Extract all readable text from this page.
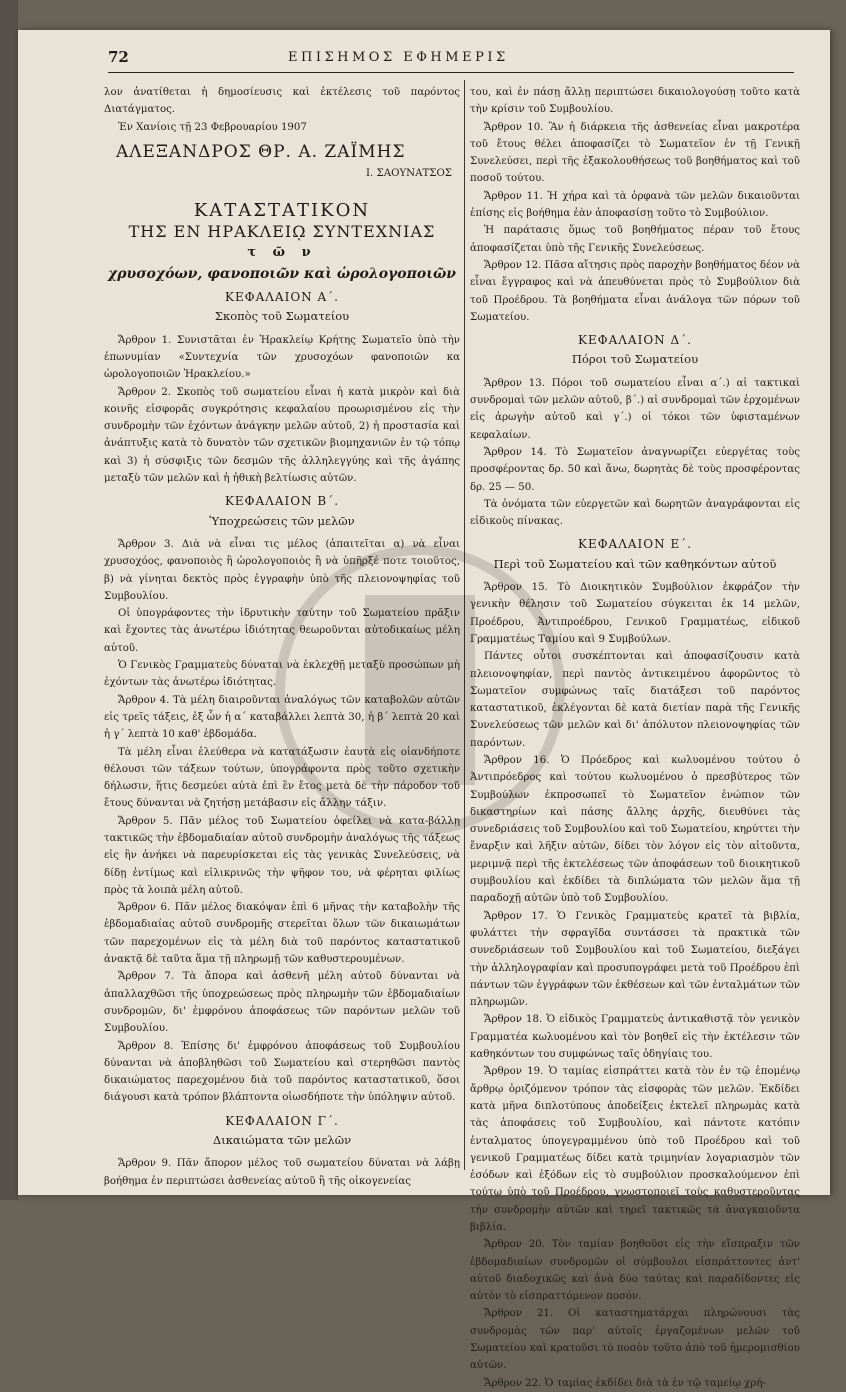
72	ΕΠΙΣΗΜΟΣ ΕΦΗΜΕΡΙΣ

λον ἀνατίθεται ἡ δημοσίευσις καὶ ἐκτέλεσις τοῦ παρόντος Διατάγματος.

Ἐν Χανίοις τῇ 23 Φεβρουαρίου 1907

ΑΛΕΞΑΝΔΡΟΣ ΘΡ. Α. ΖΑΪΜΗΣ
Ι. ΣΑΟΥΝΑΤΣΟΣ
ΚΑΤΑΣΤΑΤΙΚΟΝ
ΤΗΣ ΕΝ ΗΡΑΚΛΕΙῼ ΣΥΝΤΕΧΝΙΑΣ
τ ῶ ν
χρυσοχόων, φανοποιῶν καὶ ὡρολογοποιῶν
ΚΕΦΑΛΑΙΟΝ Α΄.
Σκοπὸς τοῦ Σωματείου

Ἄρθρον 1. Συνιστᾶται ἐν Ἡρακλείῳ Κρήτης Σωματεῖο ὑπὸ τὴν ἐπωνυμίαν «Συντεχνία τῶν χρυσοχόων φανοποιῶν κα ὡρολογοποιῶν Ἡρακλείου.»

Ἄρθρον 2. Σκοπὸς τοῦ σωματείου εἶναι ἡ κατὰ μικρὸν καὶ διὰ κοινῆς εἰσφορᾶς συγκρότησις κεφαλαίου προωρισμένου εἰς τὴν συνδρομὴν τῶν ἐχόντων ἀνάγκην μελῶν αὐτοῦ, 2) ἡ προστασία καὶ ἀνάπτυξις κατὰ τὸ δυνατὸν τῶν σχετικῶν βιομηχανιῶν ἐν τῷ τόπῳ καὶ 3) ἡ σύσφιξις τῶν δεσμῶν τῆς ἀλληλεγγύης καὶ τῆς ἀγάπης μεταξὺ τῶν μελῶν καὶ ἡ ἠθικὴ βελτίωσις αὐτῶν.

ΚΕΦΑΛΑΙΟΝ Β΄.
Ὑποχρεώσεις τῶν μελῶν

Ἄρθρον 3. Διὰ νὰ εἶναι τις μέλος (ἀπαιτεῖται α) νὰ εἶναι χρυσοχόος, φανοποιὸς ἢ ὡρολογοποιὸς ἢ νὰ ὑπῆρξέ ποτε τοιοῦτος, β) νὰ γίνηται δεκτὸς πρὸς ἐγγραφὴν ὑπὸ τῆς πλειονοψηφίας τοῦ Συμβουλίου.

Οἱ ὑπογράφοντες τὴν ἱδρυτικὴν ταύτην τοῦ Σωματείου πρᾶξιν καὶ ἔχοντες τὰς ἀνωτέρω ἰδιότητας θεωροῦνται αὐτοδικαίως μέλη αὐτοῦ.

Ὁ Γενικὸς Γραμματεὺς δύναται νὰ ἐκλεχθῇ μεταξὺ προσώπων μὴ ἐχόντων τὰς ἀνωτέρω ἰδιότητας.

Ἄρθρον 4. Τὰ μέλη διαιροῦνται ἀναλόγως τῶν καταβολῶν αὐτῶν εἰς τρεῖς τάξεις, ἐξ ὧν ἡ α΄ καταβάλλει λεπτὰ 30, ἡ β΄ λεπτὰ 20 καὶ ἡ γ΄ λεπτὰ 10 καθ' ἑβδομάδα.

Τὰ μέλη εἶναι ἐλεύθερα νὰ κατατάξωσιν ἑαυτὰ εἰς οἱανδήποτε θέλουσι τῶν τάξεων τούτων, ὑπογράφοντα πρὸς τοῦτο σχετικὴν δήλωσιν, ἥτις δεσμεύει αὐτὰ ἐπὶ ἓν ἔτος μετὰ δὲ τὴν πάροδον τοῦ ἔτους δύνανται νὰ ζητήσῃ μετάβασιν εἰς ἄλλην τάξιν.

Ἄρθρον 5. Πᾶν μέλος τοῦ Σωματείου ὀφείλει νὰ κατα-βάλλῃ τακτικῶς τὴν ἑβδομαδιαίαν αὐτοῦ συνδρομὴν ἀναλόγως τῆς τάξεως εἰς ἣν ἀνήκει νὰ παρευρίσκεται εἰς τὰς γενικὰς Συνελεύσεις, νὰ δίδῃ ἐντίμως καὶ εἰλικρινῶς τὴν ψῆφον του, νὰ φέρηται φιλίως πρὸς τὰ λοιπὰ μέλη αὐτοῦ.

Ἄρθρον 6. Πᾶν μέλος διακόψαν ἐπὶ 6 μῆνας τὴν καταβολὴν τῆς ἑβδομαδιαίας αὐτοῦ συνδρομῆς στερεῖται ὅλων τῶν δικαιωμάτων τῶν παρεχομένων εἰς τὰ μέλη διὰ τοῦ παρόντος καταστατικοῦ ἀνακτᾷ δὲ ταῦτα ἅμα τῇ πληρωμῇ τῶν καθυστερουμένων.

Ἄρθρον 7. Τὰ ἄπορα καὶ ἀσθενῆ μέλη αὐτοῦ δύνανται νὰ ἀπαλλαχθῶσι τῆς ὑποχρεώσεως πρὸς πληρωμὴν τῶν ἑβδομαδιαίων συνδρομῶν, δι' ἐμφρόνου ἀποφάσεως τῶν παρόντων μελῶν τοῦ Συμβουλίου.

Ἄρθρον 8. Ἐπίσης δι' ἐμφρόνου ἀποφάσεως τοῦ Συμβουλίου δύνανται νὰ ἀποβληθῶσι τοῦ Σωματείου καὶ στερηθῶσι παντὸς δικαιώματος παρεχομένου διὰ τοῦ παρόντος καταστατικοῦ, ὅσοι διάγουσι κατὰ τρόπον βλάπτοντα οἱωσδήποτε τὴν ὑπόληψιν αὐτοῦ.

ΚΕΦΑΛΑΙΟΝ Γ΄.
Δικαιώματα τῶν μελῶν

Ἄρθρον 9. Πᾶν ἄπορον μέλος τοῦ σωματείου δύναται νὰ λάβῃ βοήθημα ἐν περιπτώσει ἀσθενείας αὐτοῦ ἢ τῆς οἰκογενείας

του, καὶ ἐν πάσῃ ἄλλῃ περιπτώσει δικαιολογούσῃ τοῦτο κατὰ τὴν κρίσιν τοῦ Συμβουλίου.

Ἄρθρον 10. Ἂν ἡ διάρκεια τῆς ἀσθενείας εἶναι μακροτέρα τοῦ ἔτους θέλει ἀποφασίζει τὸ Σωματεῖον ἐν τῇ Γενικῇ Συνελεύσει, περὶ τῆς ἐξακολουθήσεως τοῦ βοηθήματος καὶ τοῦ ποσοῦ τούτου.

Ἄρθρον 11. Ἡ χήρα καὶ τὰ ὀρφανὰ τῶν μελῶν δικαιοῦνται ἐπίσης εἰς βοήθημα ἐὰν ἀποφασίσῃ τοῦτο τὸ Συμβούλιον.

Ἡ παράτασις ὅμως τοῦ βοηθήματος πέραν τοῦ ἔτους ἀποφασίζεται ὑπὸ τῆς Γενικῆς Συνελεύσεως.

Ἄρθρον 12. Πᾶσα αἴτησις πρὸς παροχὴν βοηθήματος δέον νὰ εἶναι ἔγγραφος καὶ νὰ ἀπευθύνεται πρὸς τὸ Συμβούλιον διὰ τοῦ Προέδρου. Τὰ βοηθήματα εἶναι ἀνάλογα τῶν πόρων τοῦ Σωματείου.

ΚΕΦΑΛΑΙΟΝ Δ΄.
Πόροι τοῦ Σωματείου

Ἄρθρον 13. Πόροι τοῦ σωματείου εἶναι α΄.) αἱ τακτικαὶ συνδρομαὶ τῶν μελῶν αὐτοῦ, β΄.) αἱ συνδρομαὶ τῶν ἐρχομένων εἰς ἀρωγὴν αὐτοῦ καὶ γ΄.) οἱ τόκοι τῶν ὑφισταμένων κεφαλαίων.

Ἄρθρον 14. Τὸ Σωματεῖον ἀναγνωρίζει εὐεργέτας τοὺς προσφέροντας δρ. 50 καὶ ἄνω, δωρητὰς δὲ τοὺς προσφέροντας δρ. 25 — 50.

Τὰ ὀνόματα τῶν εὐεργετῶν καὶ δωρητῶν ἀναγράφονται εἰς εἰδικοὺς πίνακας.

ΚΕΦΑΛΑΙΟΝ Ε΄.
Περὶ τοῦ Σωματείου καὶ τῶν καθηκόντων αὐτοῦ

Ἄρθρον 15. Τὸ Διοικητικὸν Συμβούλιον ἐκφράζον τὴν γενικὴν θέλησιν τοῦ Σωματείου σύγκειται ἐκ 14 μελῶν, Προέδρου, Ἀντιπροέδρου, Γενικοῦ Γραμματέως, εἰδικοῦ Γραμματέως Ταμίου καὶ 9 Συμβούλων.

Πάντες οὗτοι συσκέπτονται καὶ ἀποφασίζουσιν κατὰ πλειονοψηφίαν, περὶ παντὸς ἀντικειμένου ἀφορῶντος τὸ Σωματεῖον συμφώνως ταῖς διατάξεσι τοῦ παρόντος καταστατικοῦ, ἐκλέγονται δὲ κατὰ διετίαν παρὰ τῆς Γενικῆς Συνελεύσεως τῶν μελῶν καὶ δι' ἀπόλυτον πλειονοψηφίας τῶν παρόντων.

Ἄρθρον 16. Ὁ Πρόεδρος καὶ κωλυομένου τούτου ὁ Ἀντιπρόεδρος καὶ τούτου κωλυομένου ὁ πρεσβύτερος τῶν Συμβούλων ἐκπροσωπεῖ τὸ Σωματεῖον ἐνώπιον τῶν δικαστηρίων καὶ πάσης ἄλλης ἀρχῆς, διευθύνει τὰς συνεδριάσεις τοῦ Συμβουλίου καὶ τοῦ Σωματείου, κηρύττει τὴν ἔναρξιν καὶ λῆξιν αὐτῶν, δίδει τὸν λόγον εἰς τὸν αἰτοῦντα, μεριμνᾷ περὶ τῆς ἐκτελέσεως τῶν ἀποφάσεων τοῦ διοικητικοῦ συμβουλίου καὶ ἐκδίδει τὰ διπλώματα τῶν μελῶν ἅμα τῇ παραδοχῇ αὐτῶν ὑπὸ τοῦ Συμβουλίου.

Ἄρθρον 17. Ὁ Γενικὸς Γραμματεὺς κρατεῖ τὰ βιβλία, φυλάττει τὴν σφραγῖδα συντάσσει τὰ πρακτικὰ τῶν συνεδριάσεων τοῦ Συμβουλίου καὶ τοῦ Σωματείου, διεξάγει τὴν ἀλληλογραφίαν καὶ προσυπογράφει μετὰ τοῦ Προέδρου ἐπὶ πάντων τῶν ἐγγράφων τῶν ἐκθέσεων καὶ τῶν ἐνταλμάτων τῶν πληρωμῶν.

Ἄρθρον 18. Ὁ εἰδικὸς Γραμματεὺς ἀντικαθιστᾷ τὸν γενικὸν Γραμματέα κωλυομένου καὶ τὸν βοηθεῖ εἰς τὴν ἐκτέλεσιν τῶν καθηκόντων του συμφώνως ταῖς ὁδηγίαις του.

Ἄρθρον 19. Ὁ ταμίας εἰσπράττει κατὰ τὸν ἐν τῷ ἑπομένῳ ἄρθρῳ ὁριζόμενον τρόπον τὰς εἰσφορὰς τῶν μελῶν. Ἐκδίδει κατὰ μῆνα διπλοτύπους ἀποδείξεις ἐκτελεῖ πληρωμὰς κατὰ τὰς ἀποφάσεις τοῦ Συμβουλίου, καὶ πάντοτε κατόπιν ἐνταλματος ὑπογεγραμμένου ὑπὸ τοῦ Προέδρου καὶ τοῦ γενικοῦ Γραμματέως δίδει κατὰ τριμηνίαν λογαριασμὸν τῶν ἐσόδων καὶ ἐξόδων εἰς τὸ συμβούλιον προσκαλούμενον ἐπὶ τούτῳ ὑπὸ τοῦ Προέδρου, γνωστοποιεῖ τοὺς καθυστεροῦντας τὴν συνδρομὴν αὐτῶν καὶ τηρεῖ τακτικῶς τὰ ἀναγκαιοῦντα βιβλία.

Ἄρθρον 20. Τὸν ταμίαν βοηθοῦσι εἰς τὴν εἴσπραξιν τῶν ἑβδομαδιαίων συνδρομῶν οἱ σύμβουλοι εἰσπράττοντες ἀντ' αὐτοῦ διαδοχικῶς καὶ ἀνὰ δύο ταύτας καὶ παραδίδοντες εἰς αὐτὸν τὸ εἰσπραττόμενον ποσόν.

Ἄρθρον 21. Οἱ καταστηματάρχαι πληρώνουσι τὰς συνδρομὰς τῶν παρ' αὐτοῖς ἐργαζομένων μελῶν τοῦ Σωματείου καὶ κρατοῦσι τὸ ποσὸν τοῦτο ἀπὸ τοῦ ἡμερομισθίου αὐτῶν.

Ἄρθρον 22. Ὁ ταμίας ἐκδίδει διὰ τὰ ἐν τῷ ταμείῳ χρή-
